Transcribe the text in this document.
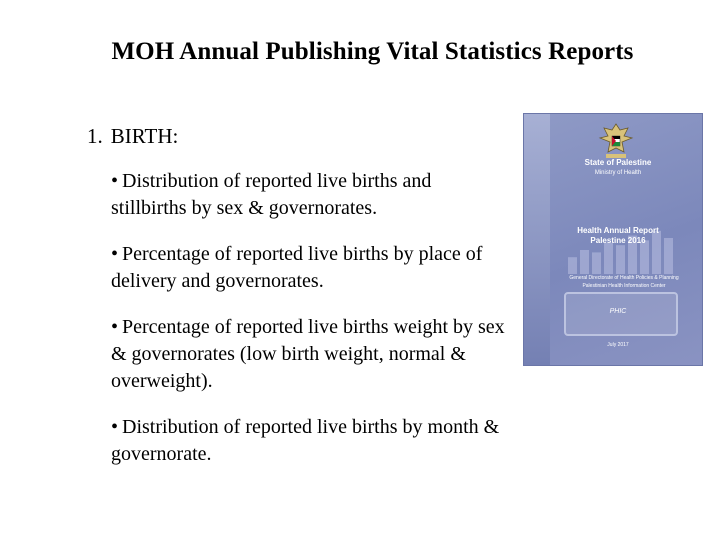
MOH Annual Publishing Vital Statistics Reports
1. BIRTH:
• Distribution of reported live births and stillbirths by sex & governorates.
• Percentage of reported live births by place of delivery and governorates.
• Percentage of reported live births weight by sex & governorates (low birth weight, normal & overweight).
• Distribution of reported live births by month & governorate.
State of Palestine
Ministry of Health
Health Annual Report
Palestine 2016
General Directorate of Health Policies & Planning
Palestinian Health Information Center
PHIC
July 2017
